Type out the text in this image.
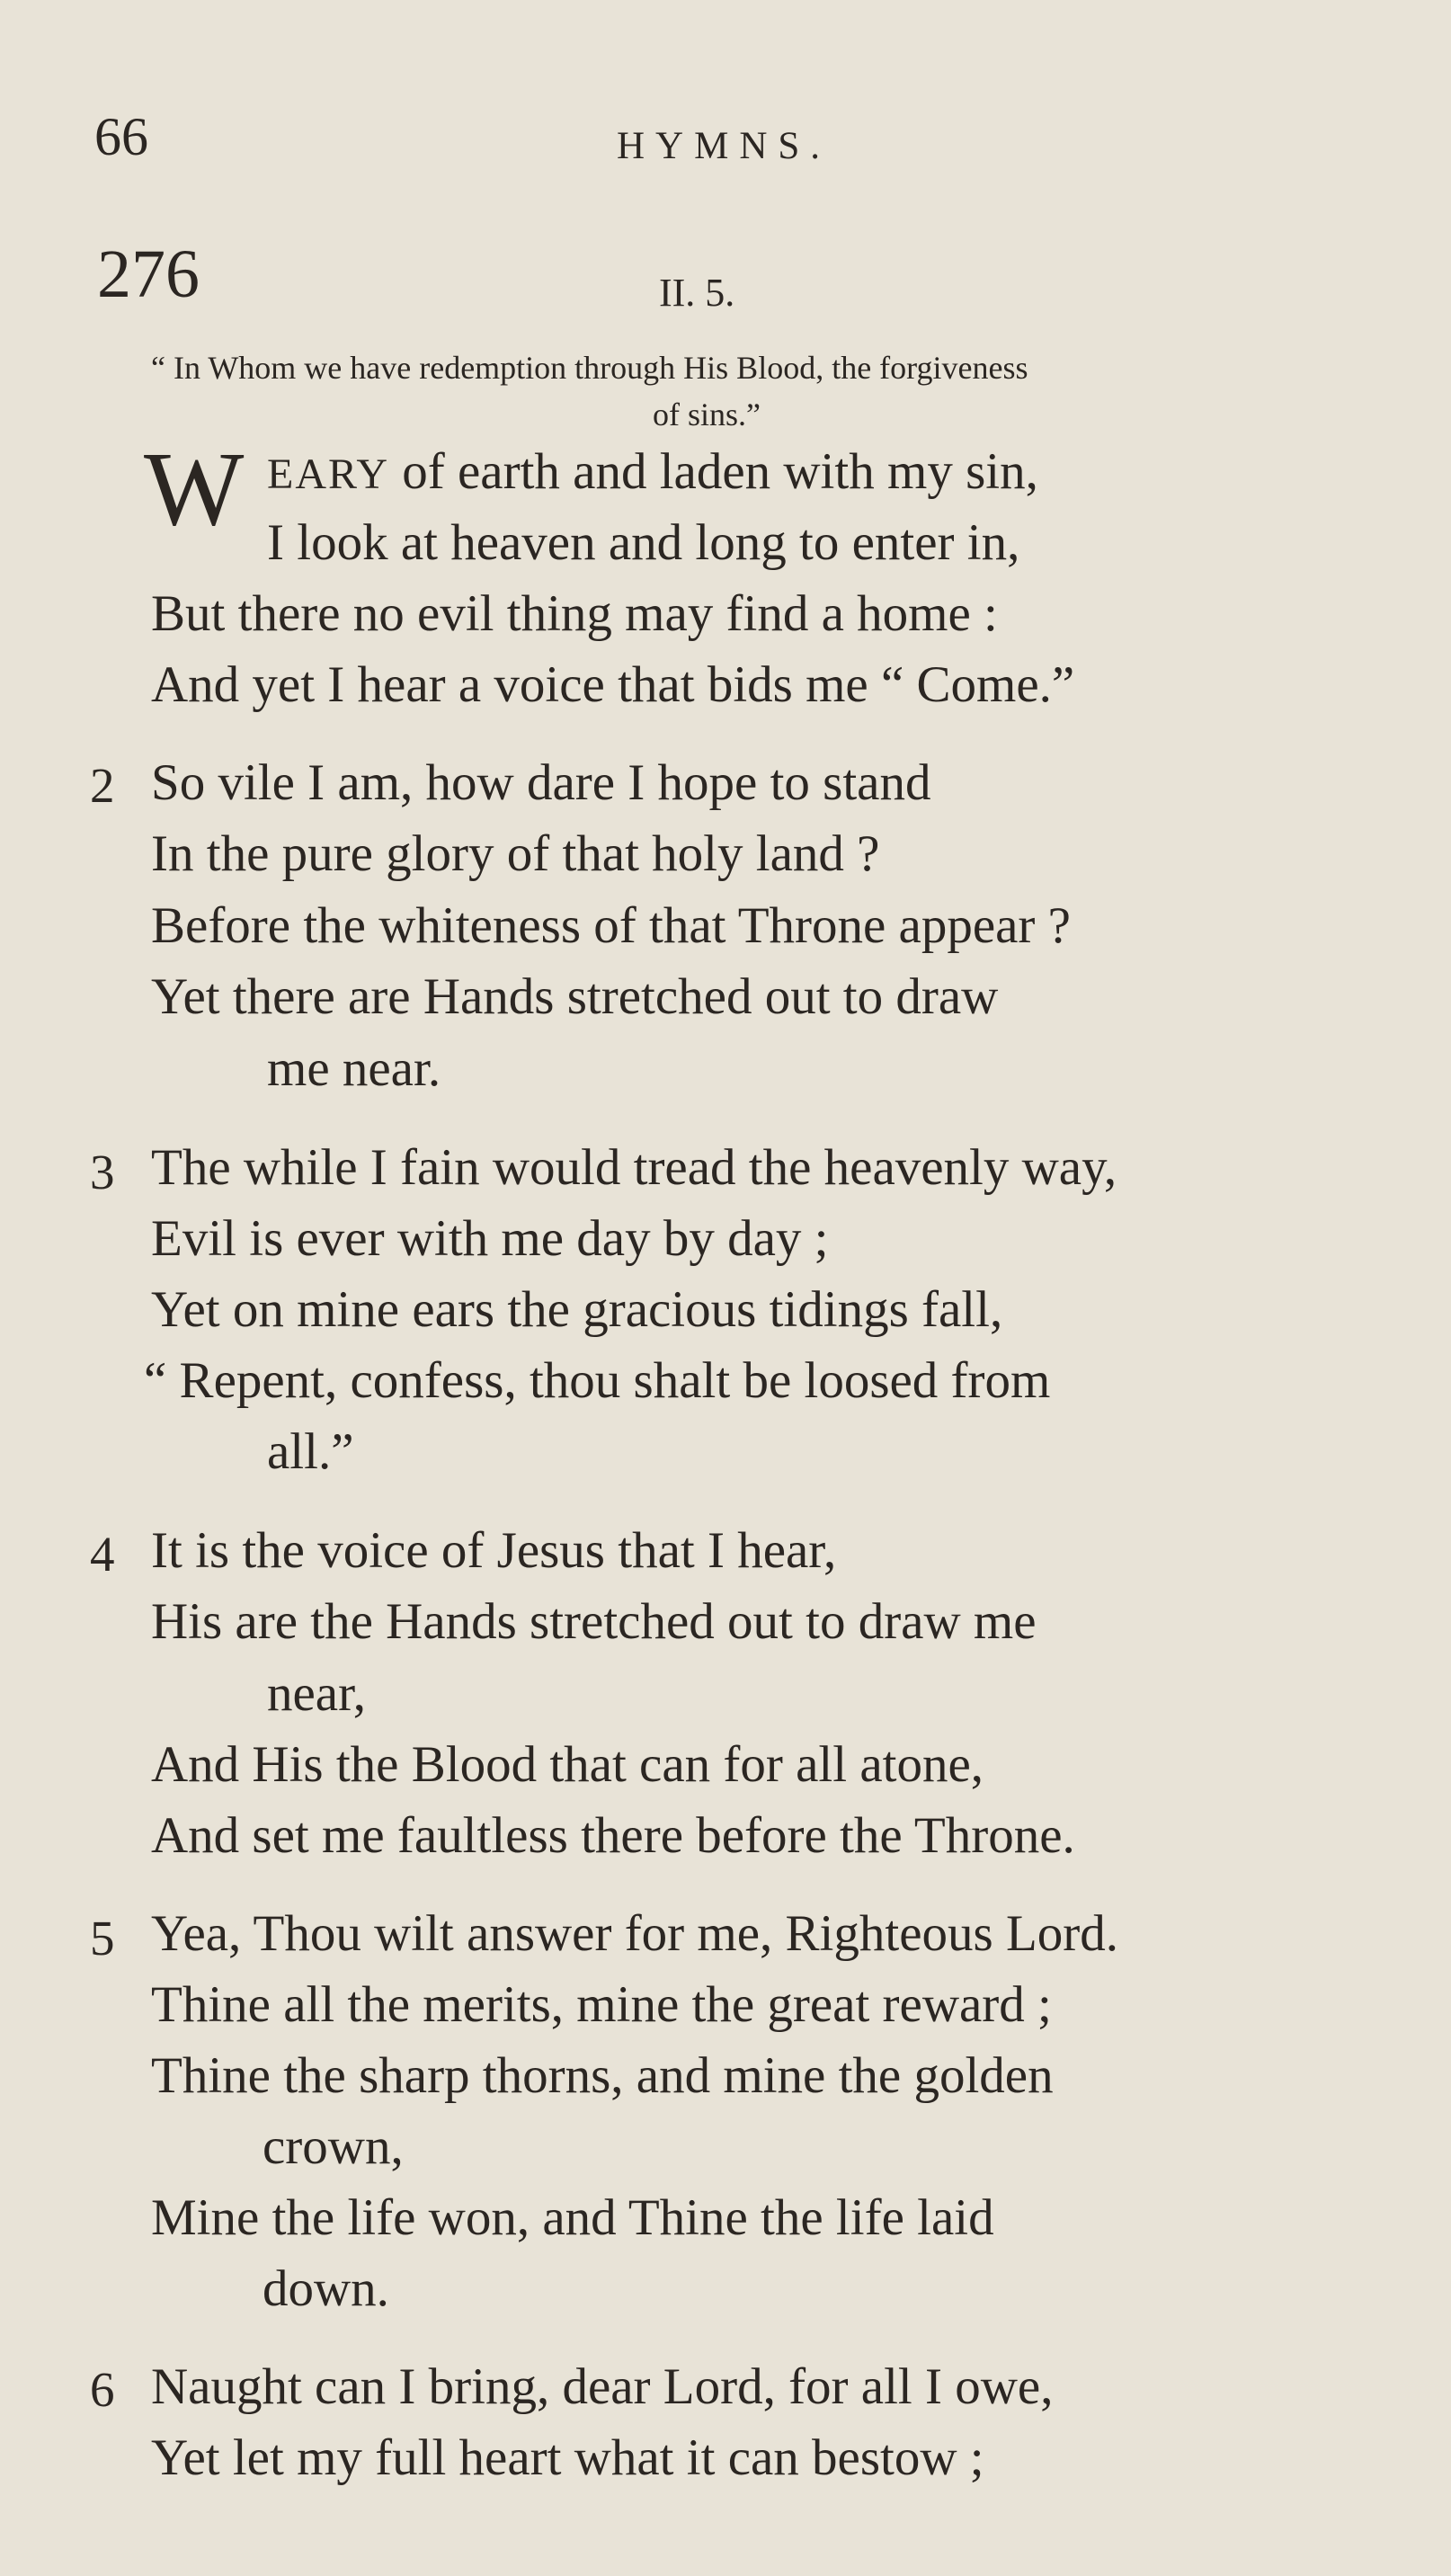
66	HYMNS.
276	II. 5.
“ In Whom we have redemption through His Blood, the forgiveness
of sins.”
W EARY of earth and laden with my sin,
I look at heaven and long to enter in,
But there no evil thing may find a home :
And yet I hear a voice that bids me “ Come.”
2 So vile I am, how dare I hope to stand
In the pure glory of that holy land ?
Before the whiteness of that Throne appear ?
Yet there are Hands stretched out to draw
me near.
3 The while I fain would tread the heavenly way,
Evil is ever with me day by day ;
Yet on mine ears the gracious tidings fall,
“ Repent, confess, thou shalt be loosed from
all.”
4 It is the voice of Jesus that I hear,
His are the Hands stretched out to draw me
near,
And His the Blood that can for all atone,
And set me faultless there before the Throne.
5 Yea, Thou wilt answer for me, Righteous Lord.
Thine all the merits, mine the great reward ;
Thine the sharp thorns, and mine the golden
crown,
Mine the life won, and Thine the life laid
down.
6 Naught can I bring, dear Lord, for all I owe,
Yet let my full heart what it can bestow ;
